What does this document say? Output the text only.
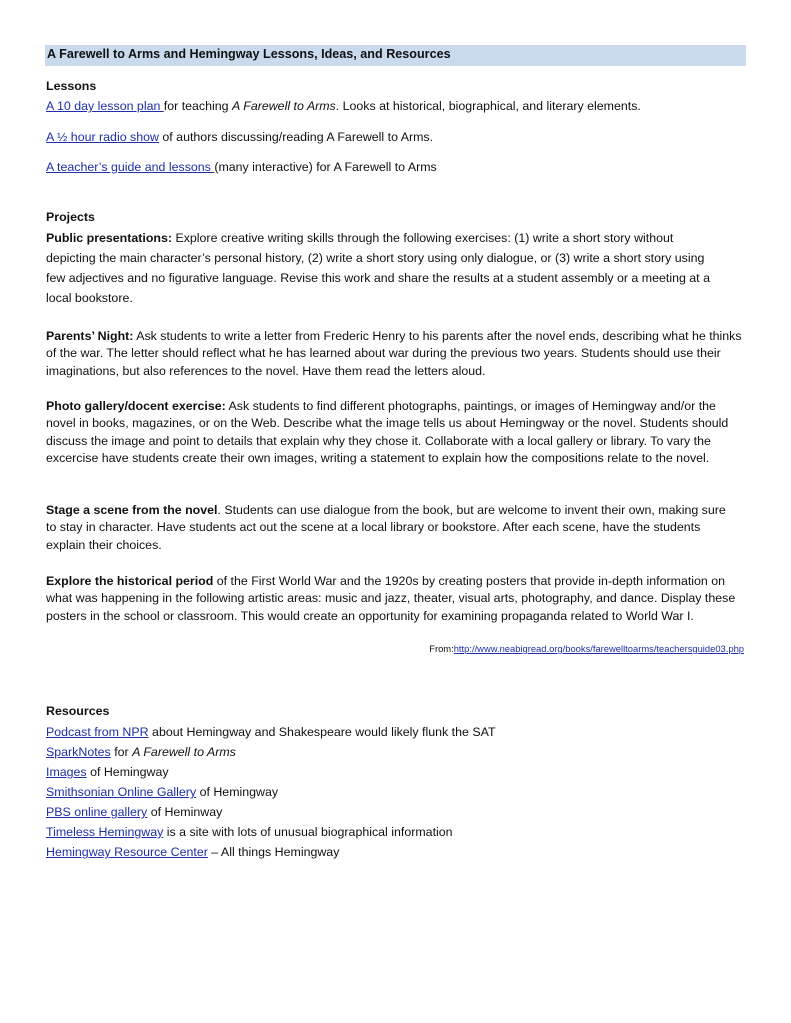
A Farewell to Arms and Hemingway Lessons, Ideas, and Resources
Lessons
A 10 day lesson plan for teaching A Farewell to Arms. Looks at historical, biographical, and literary elements.
A ½ hour radio show of authors discussing/reading A Farewell to Arms.
A teacher’s guide and lessons (many interactive) for A Farewell to Arms
Projects
Public presentations: Explore creative writing skills through the following exercises: (1) write a short story without depicting the main character’s personal history, (2) write a short story using only dialogue, or (3) write a short story using few adjectives and no figurative language. Revise this work and share the results at a student assembly or a meeting at a local bookstore.
Parents’ Night: Ask students to write a letter from Frederic Henry to his parents after the novel ends, describing what he thinks of the war. The letter should reflect what he has learned about war during the previous two years. Students should use their imaginations, but also references to the novel. Have them read the letters aloud.
Photo gallery/docent exercise: Ask students to find different photographs, paintings, or images of Hemingway and/or the novel in books, magazines, or on the Web. Describe what the image tells us about Hemingway or the novel. Students should discuss the image and point to details that explain why they chose it. Collaborate with a local gallery or library. To vary the excercise have students create their own images, writing a statement to explain how the compositions relate to the novel.
Stage a scene from the novel. Students can use dialogue from the book, but are welcome to invent their own, making sure to stay in character. Have students act out the scene at a local library or bookstore. After each scene, have the students explain their choices.
Explore the historical period of the First World War and the 1920s by creating posters that provide in-depth information on what was happening in the following artistic areas: music and jazz, theater, visual arts, photography, and dance. Display these posters in the school or classroom. This would create an opportunity for examining propaganda related to World War I.
From:http://www.neabigread.org/books/farewelltoarms/teachersguide03.php
Resources
Podcast from NPR about Hemingway and Shakespeare would likely flunk the SAT
SparkNotes for A Farewell to Arms
Images of Hemingway
Smithsonian Online Gallery of Hemingway
PBS online gallery of Heminway
Timeless Hemingway is a site with lots of unusual biographical information
Hemingway Resource Center – All things Hemingway
